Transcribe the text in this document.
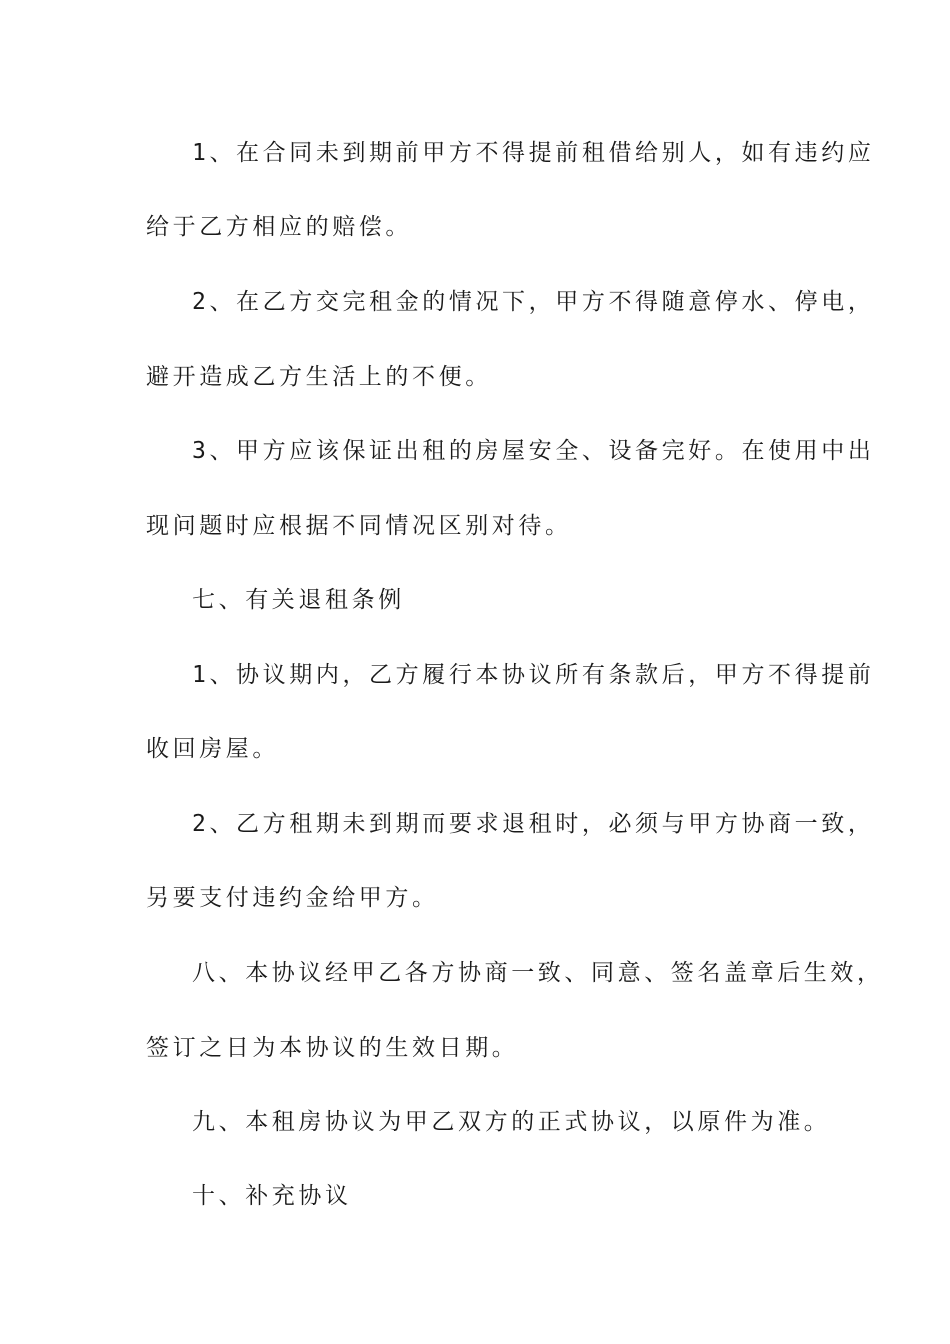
1、在合同未到期前甲方不得提前租借给别人，如有违约应
给于乙方相应的赔偿。
2、在乙方交完租金的情况下，甲方不得随意停水、停电，
避开造成乙方生活上的不便。
3、甲方应该保证出租的房屋安全、设备完好。在使用中出
现问题时应根据不同情况区别对待。
七、有关退租条例
1、协议期内，乙方履行本协议所有条款后，甲方不得提前
收回房屋。
2、乙方租期未到期而要求退租时，必须与甲方协商一致，
另要支付违约金给甲方。
八、本协议经甲乙各方协商一致、同意、签名盖章后生效，
签订之日为本协议的生效日期。
九、本租房协议为甲乙双方的正式协议，以原件为准。
十、补充协议
